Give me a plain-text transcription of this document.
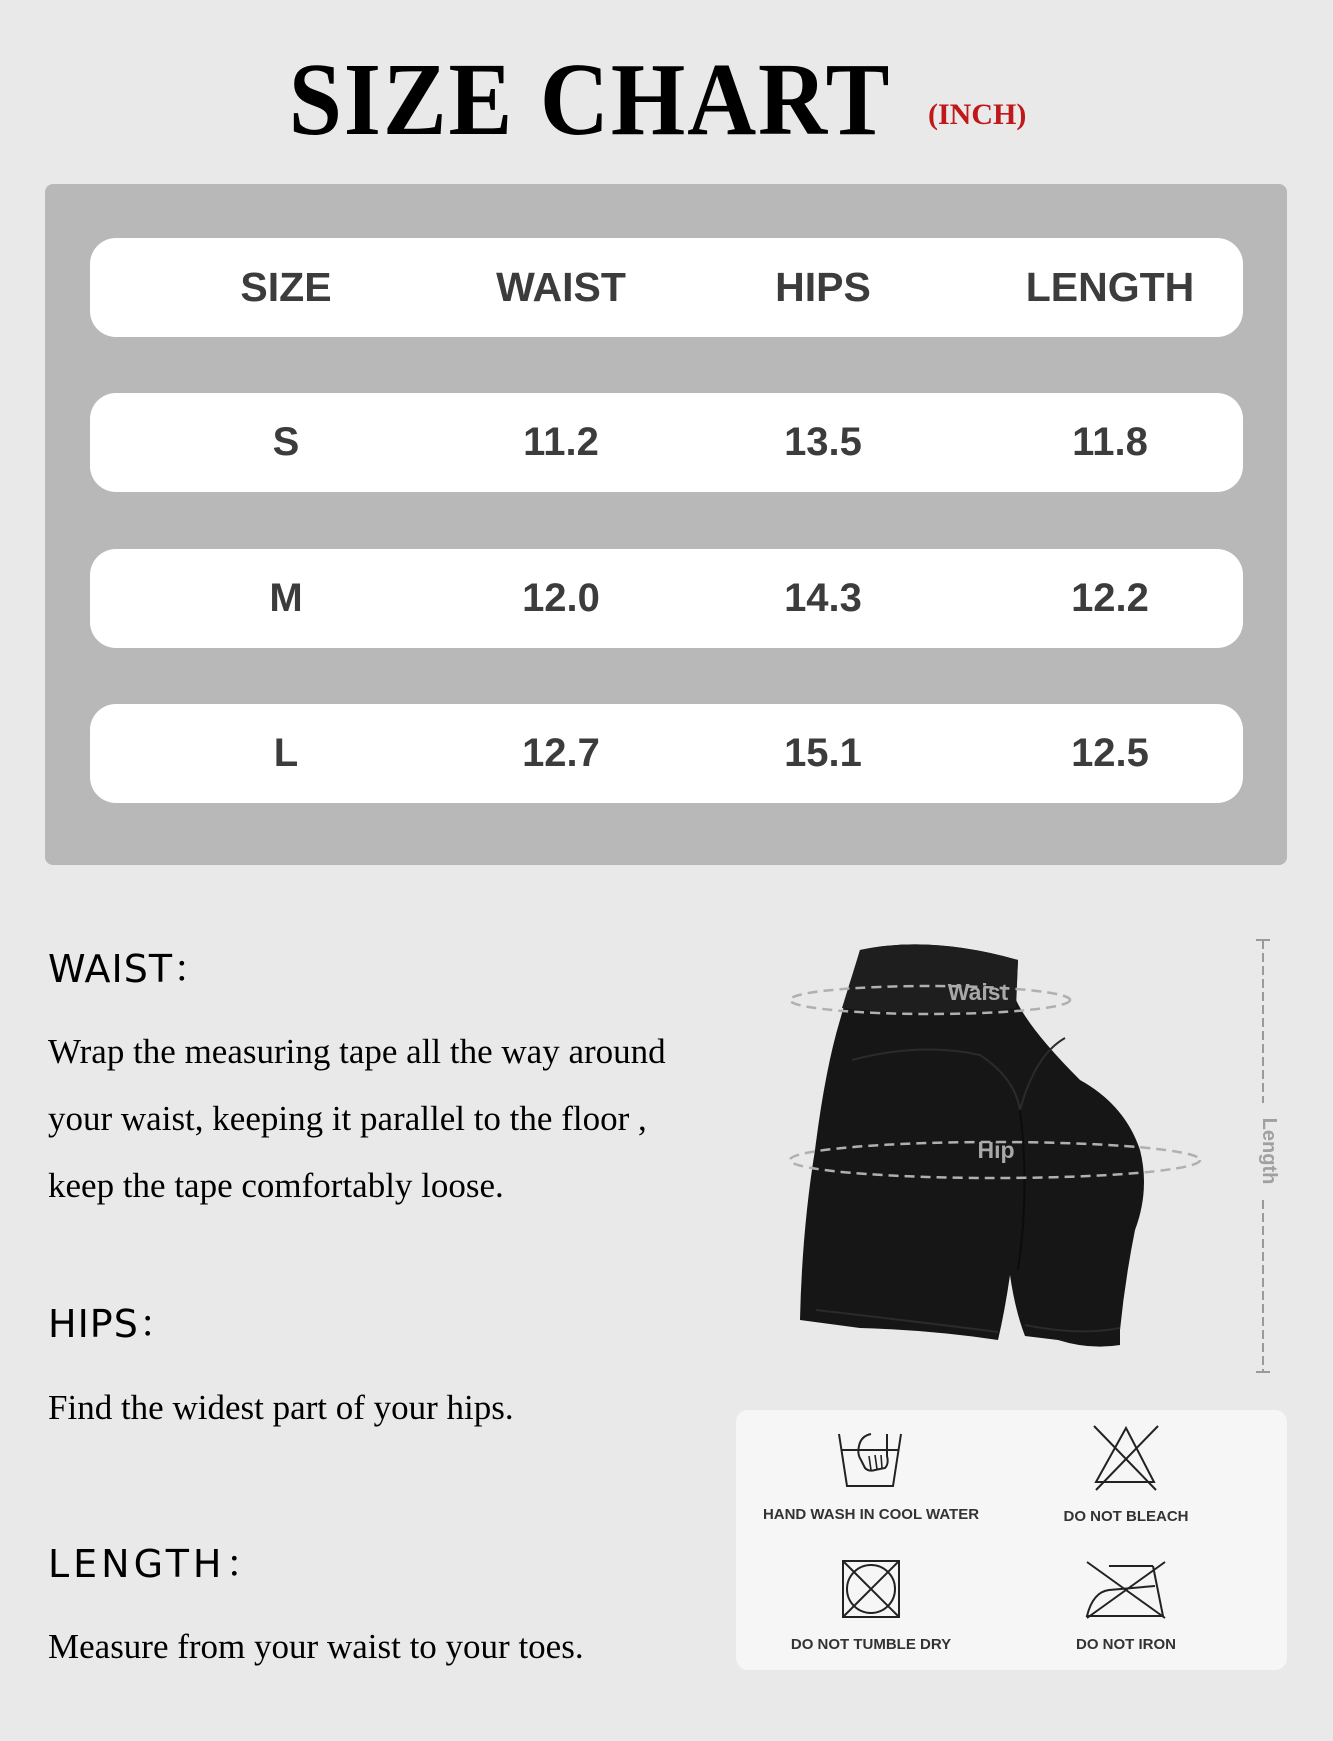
SIZE CHART	(INCH)
SIZE	WAIST	HIPS	LENGTH
S	11.2	13.5	11.8
M	12.0	14.3	12.2
L	12.7	15.1	12.5
WAIST：
Wrap the measuring tape all the way around
your waist, keeping it parallel to the floor ,
keep the tape comfortably loose.
HIPS：
Find the widest part of your hips.
LENGTH：
Measure from your waist to your toes.
Waist
Hip	Length
HAND WASH IN COOL WATER	DO NOT BLEACH
DO NOT TUMBLE DRY	DO NOT IRON
